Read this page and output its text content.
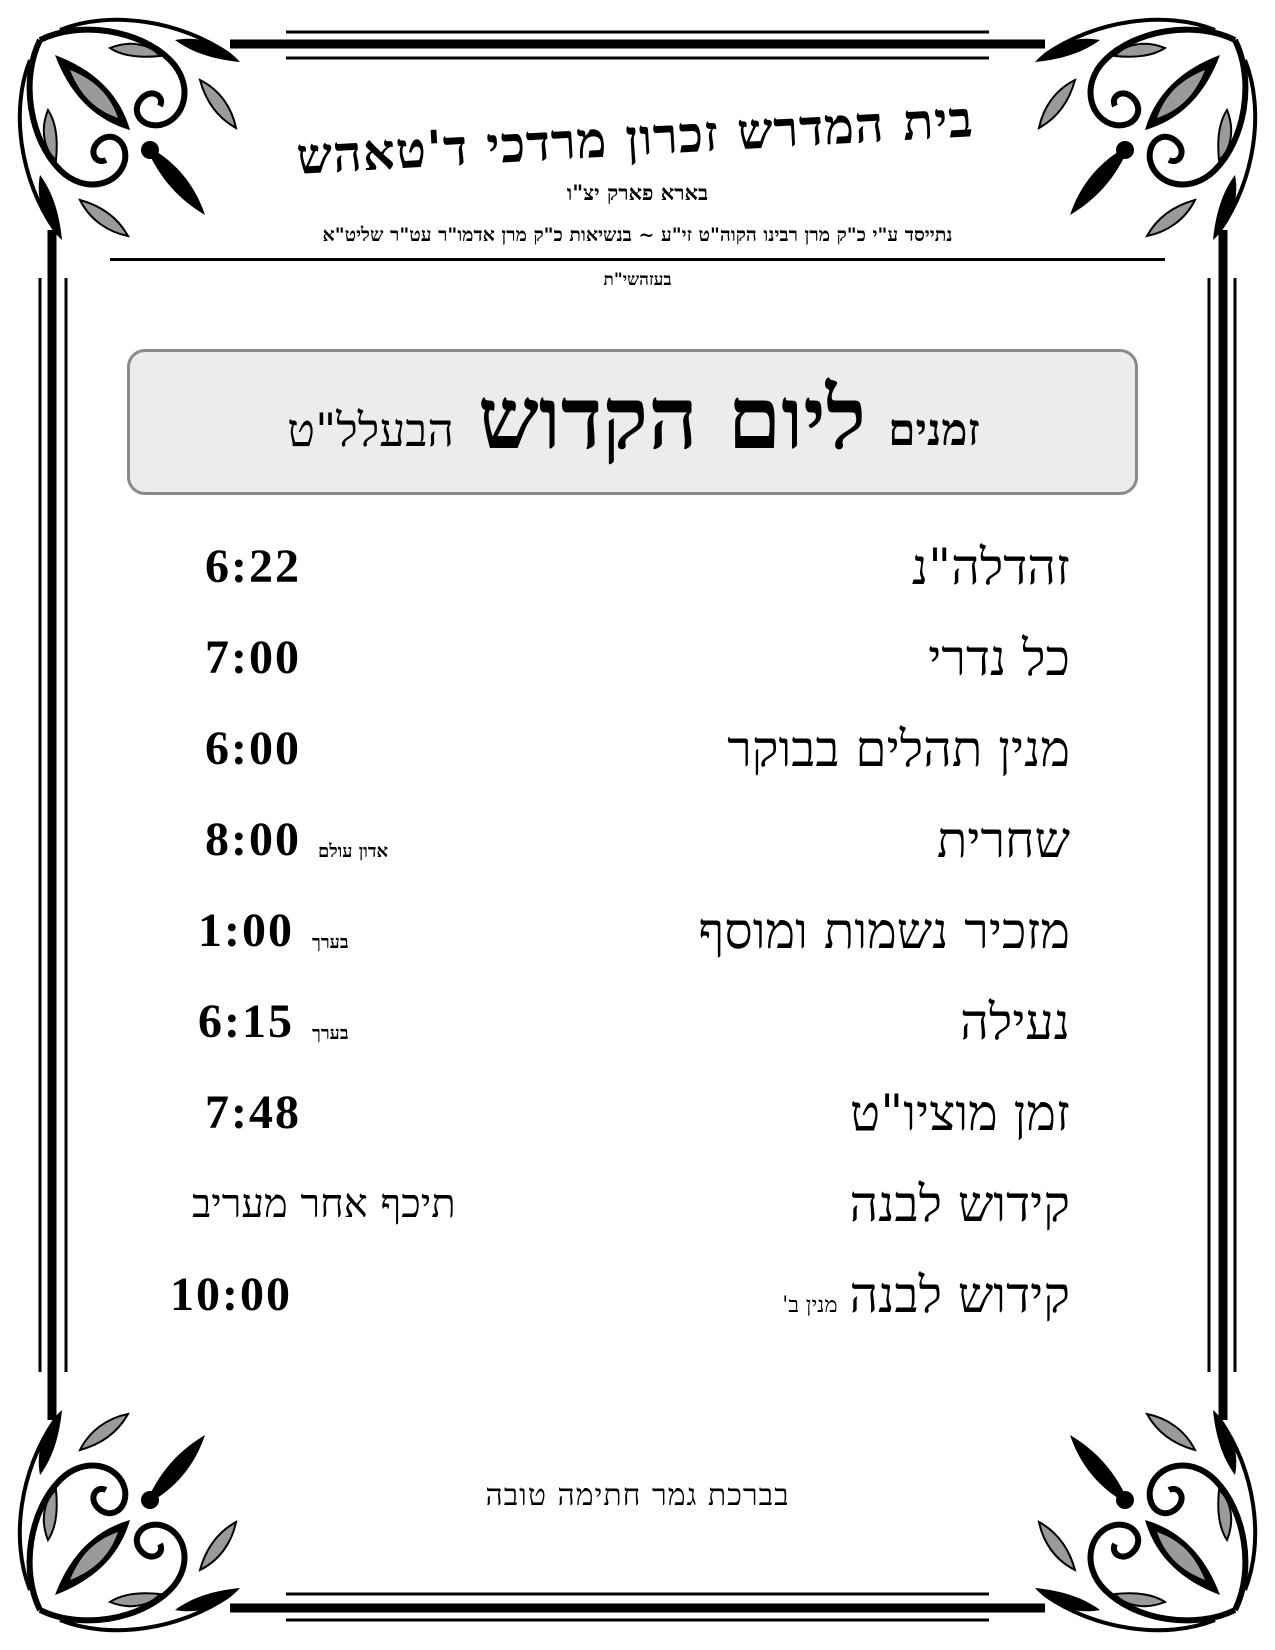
בית המדרש זכרון מרדכי ד'טאהש
בארא פארק יצ"ו
נתייסד ע"י כ"ק מרן רבינו הקוה"ט זי"ע ~ בנשיאות כ"ק מרן אדמו"ר עט"ר שליט"א
בעזהשי"ת
זמנים
ליום הקדוש
הבעלל"ט
זהדלה"נ
6:22
כל נדרי
7:00
מנין תהלים בבוקר
6:00
שחרית
8:00 אדון עולם
מזכיר נשמות ומוסף
1:00 בערך
נעילה
6:15 בערך
זמן מוציו"ט
7:48
קידוש לבנה
תיכף אחר מעריב
קידוש לבנהמנין ב'
10:00
בברכת גמר חתימה טובה
